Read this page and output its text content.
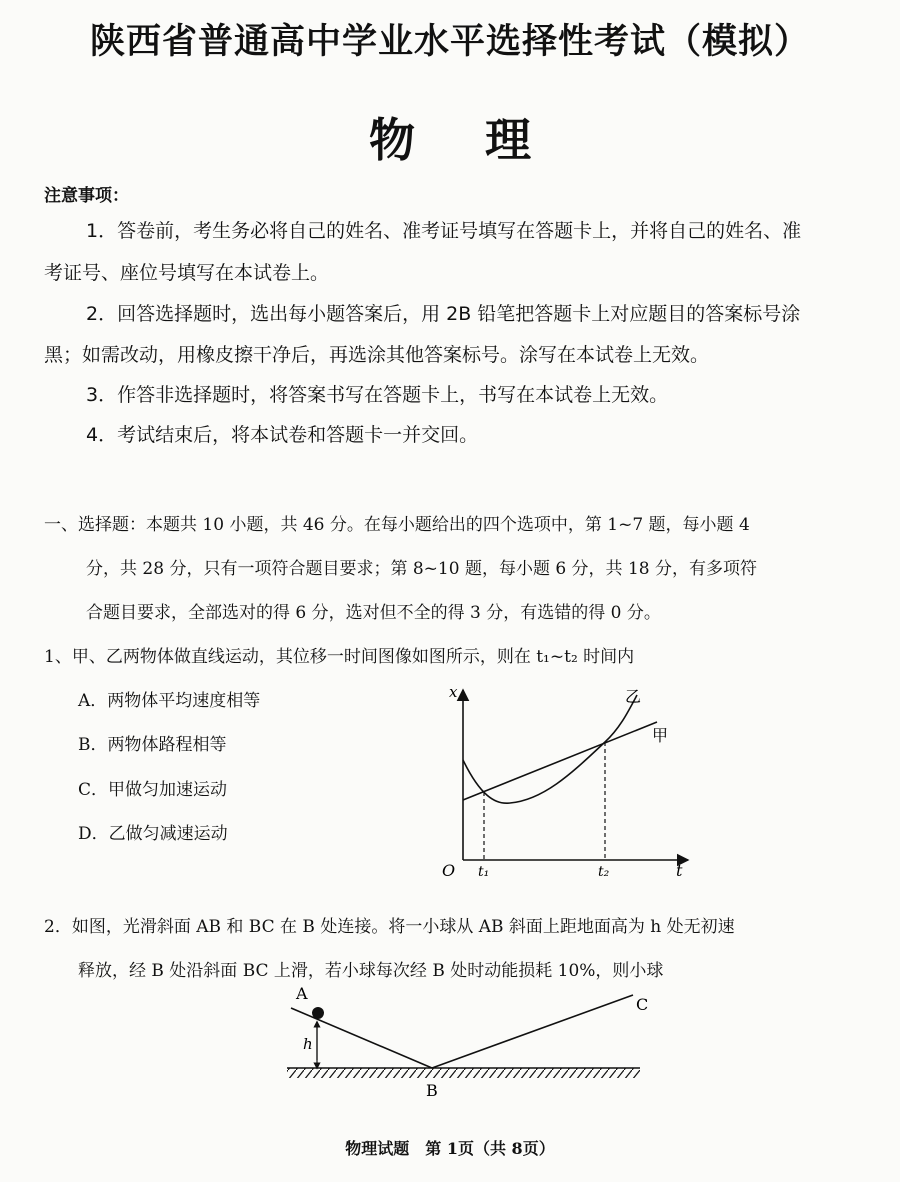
陕西省普通高中学业水平选择性考试（模拟）
物理
注意事项：
1．答卷前，考生务必将自己的姓名、准考证号填写在答题卡上，并将自己的姓名、准
考证号、座位号填写在本试卷上。
2．回答选择题时，选出每小题答案后，用 2B 铅笔把答题卡上对应题目的答案标号涂
黑；如需改动，用橡皮擦干净后，再选涂其他答案标号。涂写在本试卷上无效。
3．作答非选择题时，将答案书写在答题卡上，书写在本试卷上无效。
4．考试结束后，将本试卷和答题卡一并交回。
一、选择题：本题共 10 小题，共 46 分。在每小题给出的四个选项中，第 1~7 题，每小题 4
分，共 28 分，只有一项符合题目要求；第 8~10 题，每小题 6 分，共 18 分，有多项符
合题目要求，全部选对的得 6 分，选对但不全的得 3 分，有选错的得 0 分。
1、甲、乙两物体做直线运动，其位移一时间图像如图所示，则在 t₁~t₂ 时间内
A．两物体平均速度相等
B．两物体路程相等
C．甲做匀加速运动
D．乙做匀减速运动
x
t
O t₁	t₂
甲
乙
2．如图，光滑斜面 AB 和 BC 在 B 处连接。将一小球从 AB 斜面上距地面高为 h 处无初速
释放，经 B 处沿斜面 BC 上滑，若小球每次经 B 处时动能损耗 10%，则小球
A
B
C
h
物理试题　第 1页（共 8页）
